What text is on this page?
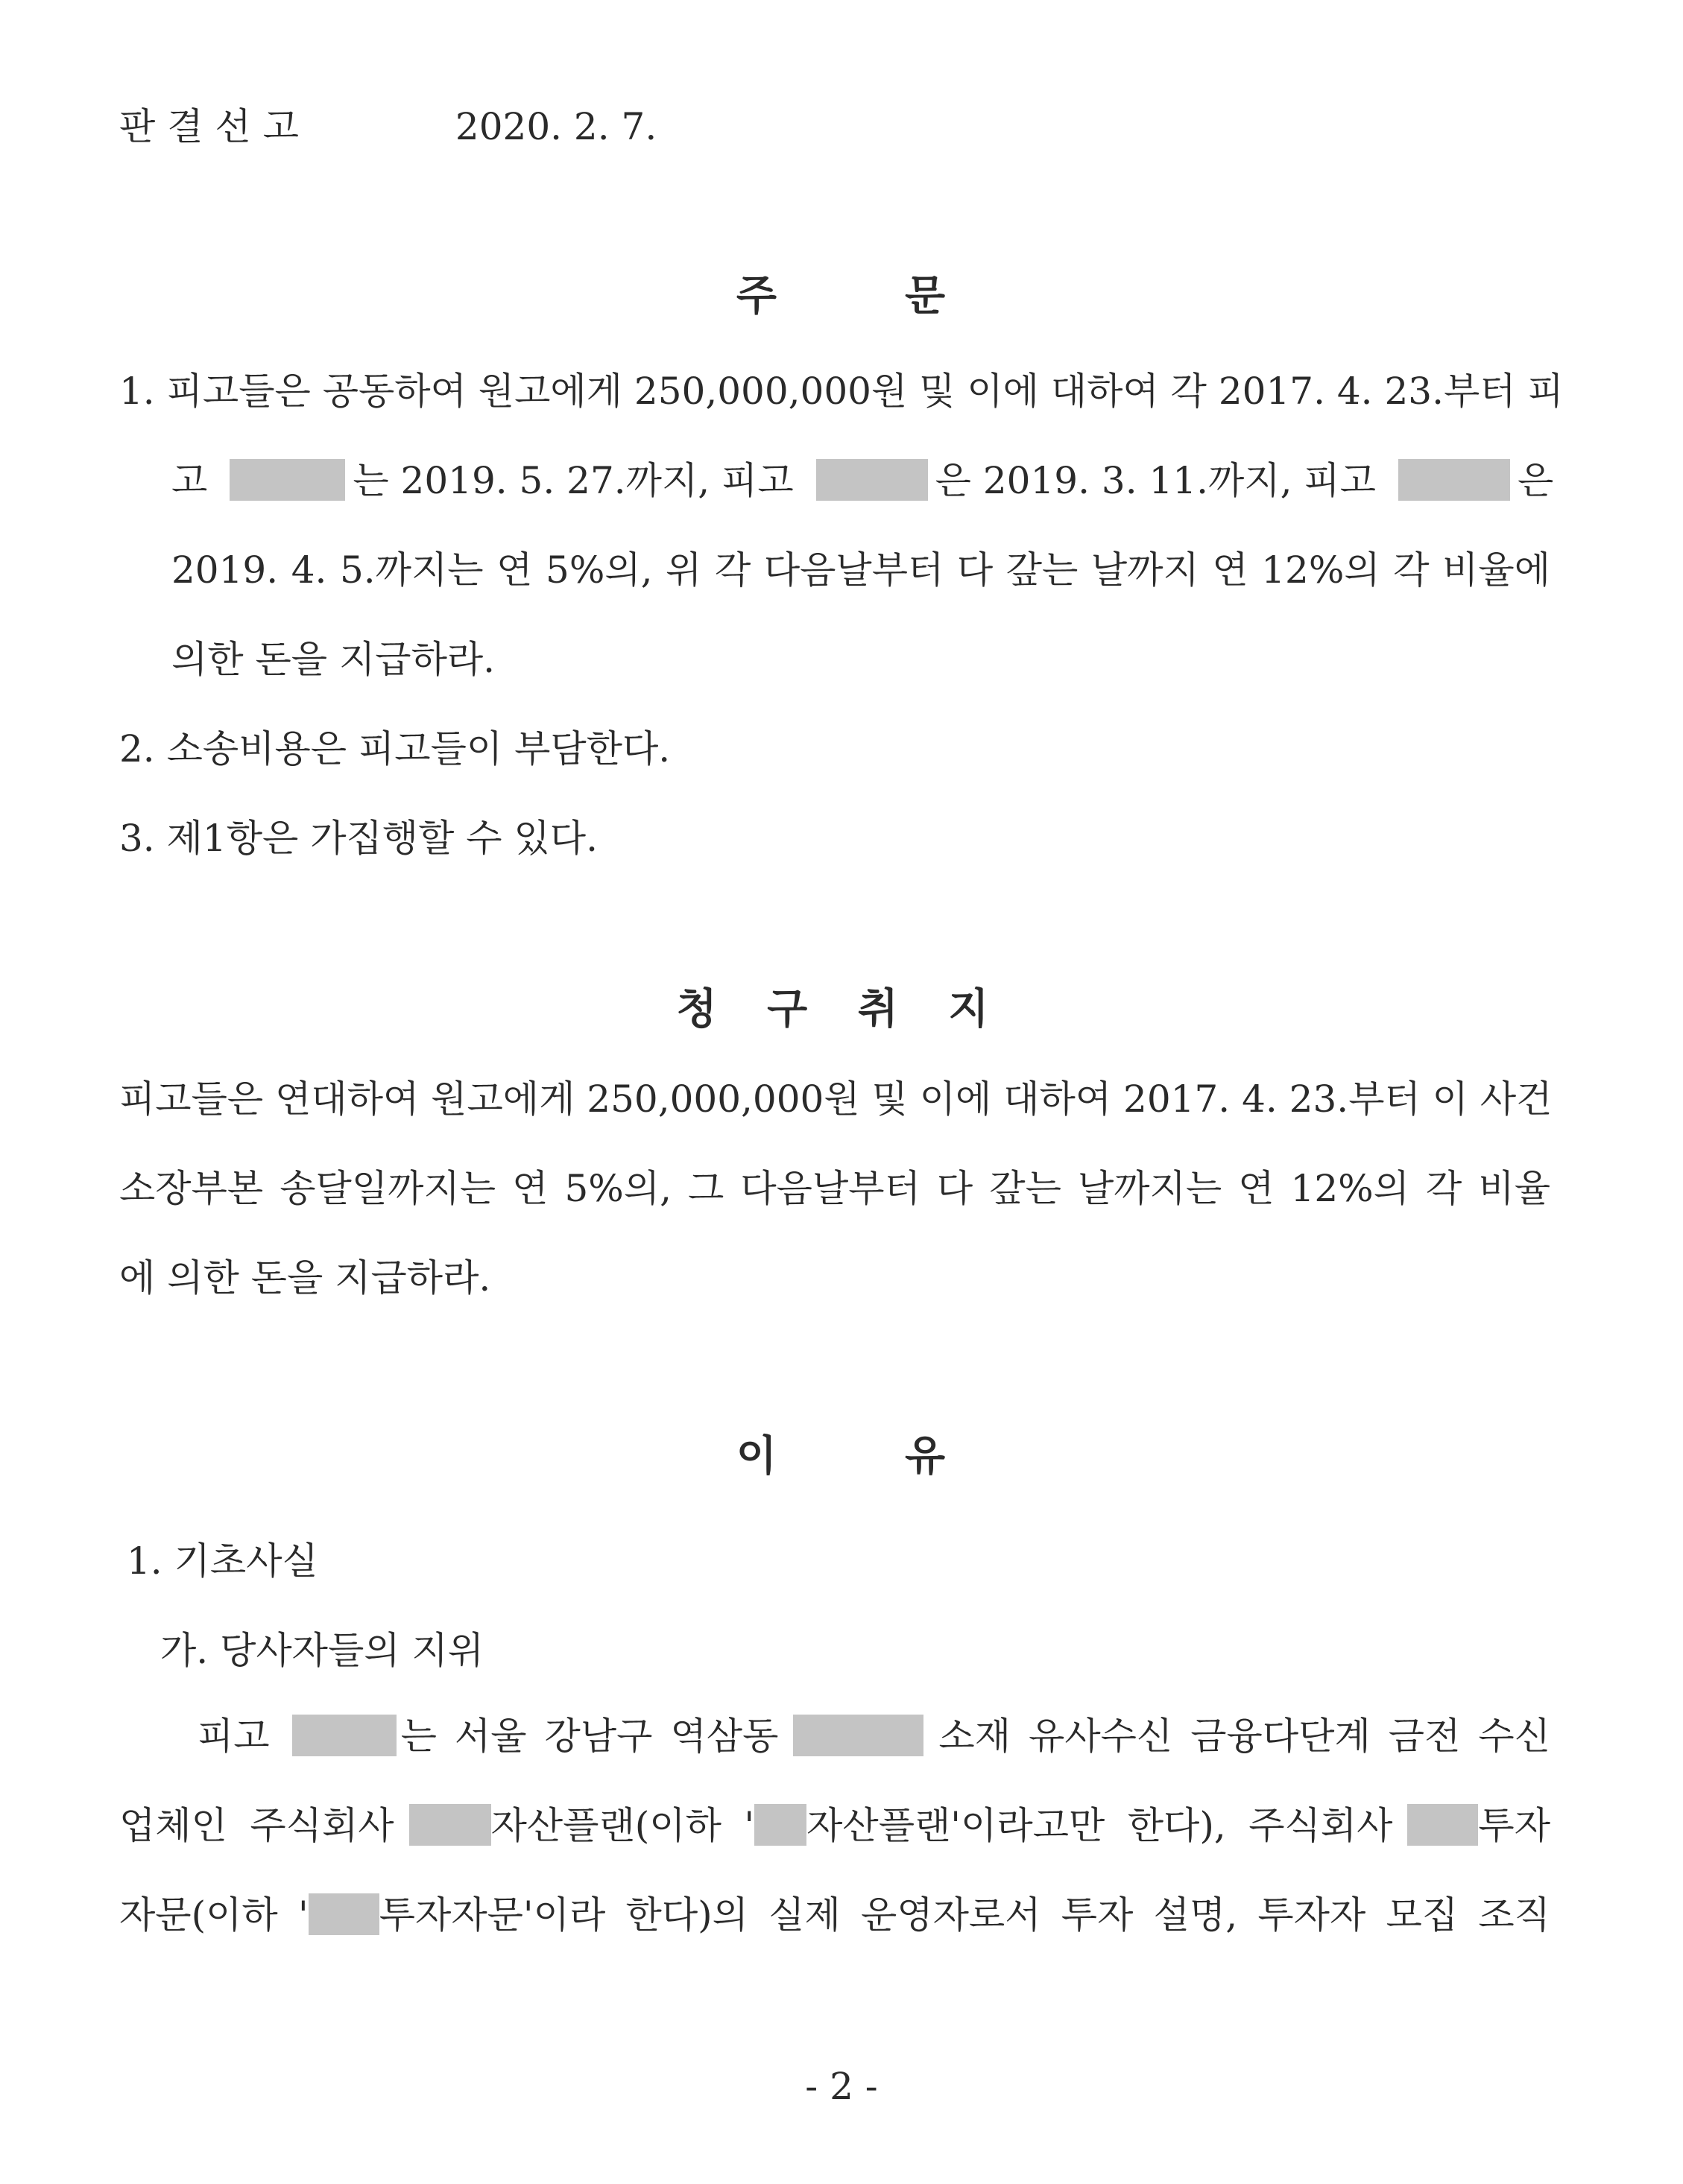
판 결 선 고	2020. 2. 7.
주	문
1. 피고들은 공동하여 원고에게 250,000,000원 및 이에 대하여 각 2017. 4. 23.부터 피
고	는 2019. 5. 27.까지, 피고	은 2019. 3. 11.까지, 피고	은
2019. 4. 5.까지는 연 5%의, 위 각 다음날부터 다 갚는 날까지 연 12%의 각 비율에
의한 돈을 지급하라.
2. 소송비용은 피고들이 부담한다.
3. 제1항은 가집행할 수 있다.
청 구 취 지
피고들은 연대하여 원고에게 250,000,000원 및 이에 대하여 2017. 4. 23.부터 이 사건
소장부본 송달일까지는 연 5%의, 그 다음날부터 다 갚는 날까지는 연 12%의 각 비율
에 의한 돈을 지급하라.
이	유
1. 기초사실
가. 당사자들의 지위
피고	는 서울 강남구 역삼동	소재 유사수신 금융다단계 금전 수신
업체인 주식회사	자산플랜(이하 ' 자산플랜'이라고만 한다), 주식회사 투자
자문(이하 ' 투자자문'이라 한다)의 실제 운영자로서 투자 설명, 투자자 모집 조직
- 2 -
